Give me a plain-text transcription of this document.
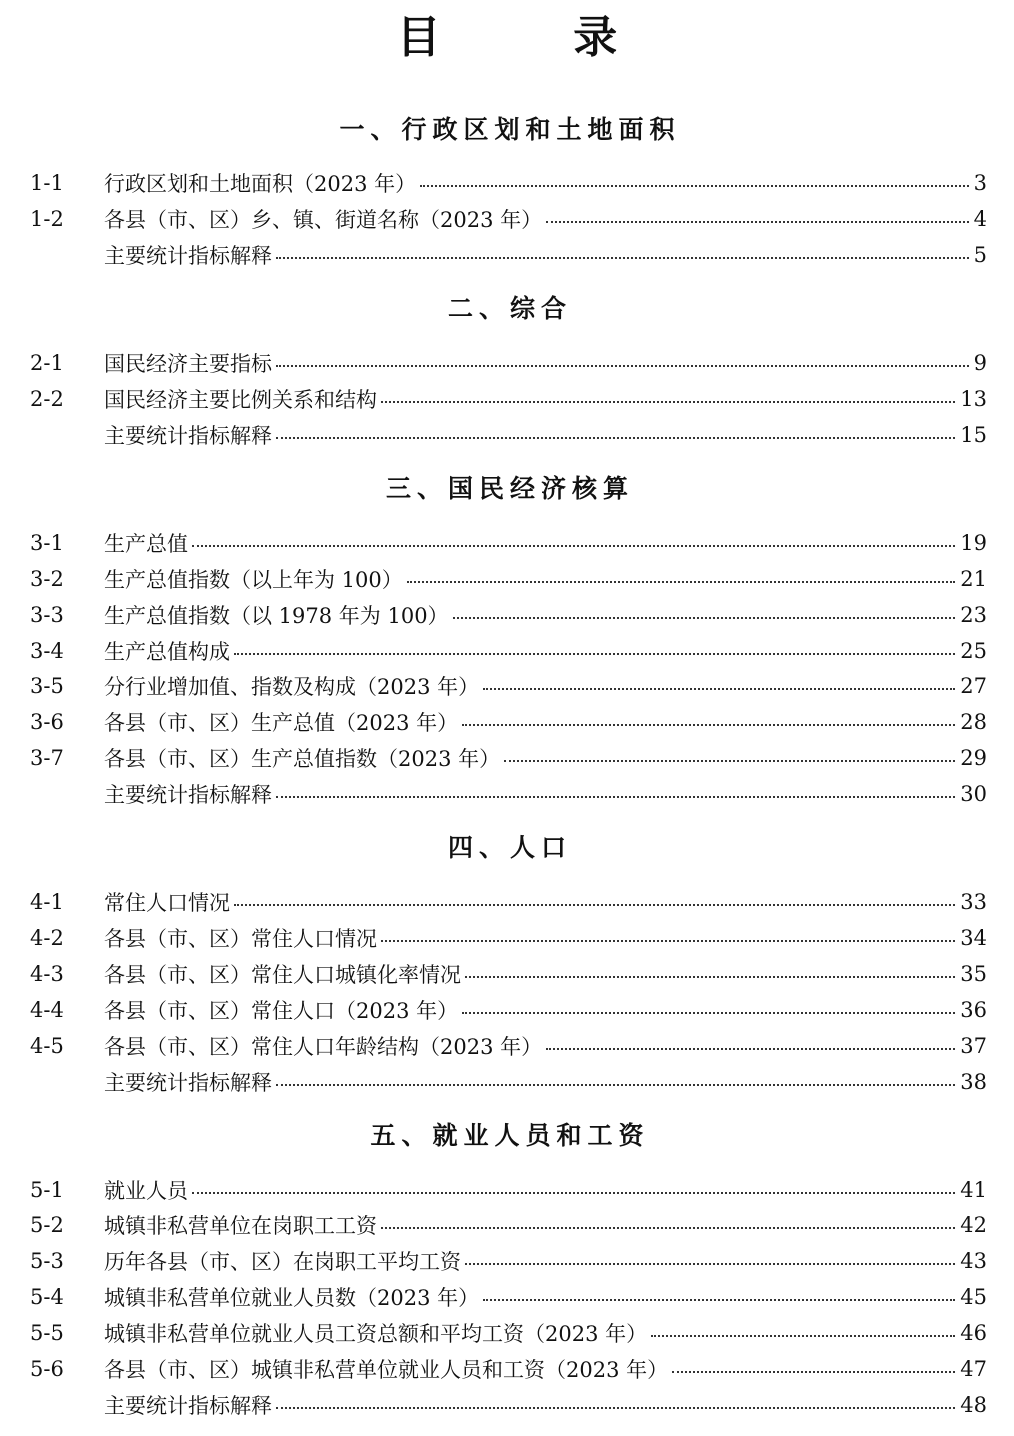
目  录
一、行政区划和土地面积
1-1 行政区划和土地面积（2023 年）	3
1-2 各县（市、区）乡、镇、街道名称（2023 年）	4
主要统计指标解释	5
二、综合
2-1 国民经济主要指标	9
2-2 国民经济主要比例关系和结构	13
主要统计指标解释	15
三、国民经济核算
3-1 生产总值	19
3-2 生产总值指数（以上年为 100）	21
3-3 生产总值指数（以 1978 年为 100）	23
3-4 生产总值构成	25
3-5 分行业增加值、指数及构成（2023 年）	27
3-6 各县（市、区）生产总值（2023 年）	28
3-7 各县（市、区）生产总值指数（2023 年）	29
主要统计指标解释	30
四、人口
4-1 常住人口情况	33
4-2 各县（市、区）常住人口情况	34
4-3 各县（市、区）常住人口城镇化率情况	35
4-4 各县（市、区）常住人口（2023 年）	36
4-5 各县（市、区）常住人口年龄结构（2023 年）	37
主要统计指标解释	38
五、就业人员和工资
5-1 就业人员	41
5-2 城镇非私营单位在岗职工工资	42
5-3 历年各县（市、区）在岗职工平均工资	43
5-4 城镇非私营单位就业人员数（2023 年）	45
5-5 城镇非私营单位就业人员工资总额和平均工资（2023 年）	46
5-6 各县（市、区）城镇非私营单位就业人员和工资（2023 年）	47
主要统计指标解释	48
